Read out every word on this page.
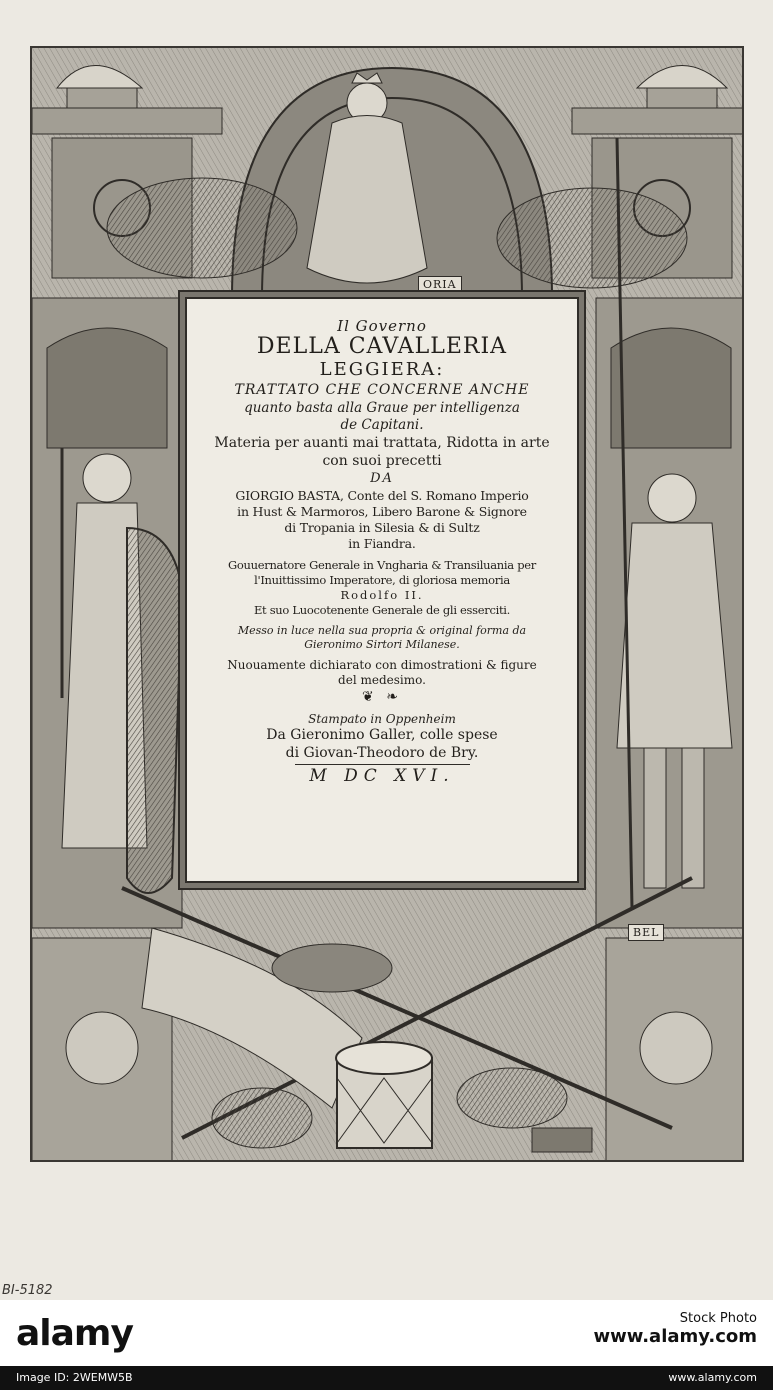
ORIA
BEL
Il Governo
DELLA CAVALLERIA
LEGGIERA:
TRATTATO CHE CONCERNE ANCHE
quanto basta alla Graue per intelligenza
de Capitani.
Materia per auanti mai trattata, Ridotta in arte
con suoi precetti
DA
GIORGIO BASTA, Conte del S. Romano Imperio
in Hust & Marmoros, Libero Barone & Signore
di Tropania in Silesia & di Sultz
in Fiandra.
Gouuernatore Generale in Vngharia & Transiluania per
l'Inuittissimo Imperatore, di gloriosa memoria
Rodolfo II.
Et suo Luocotenente Generale de gli esserciti.
Messo in luce nella sua propria & original forma da
Gieronimo Sirtori Milanese.
Nuouamente dichiarato con dimostrationi & figure
del medesimo.
❦ ❧
Stampato in Oppenheim
Da Gieronimo Galler, colle spese
di Giovan-Theodoro de Bry.
M DC XVI.
BI-5182
alamy	Stock Photo
www.alamy.com
Image ID: 2WEMW5B	www.alamy.com
